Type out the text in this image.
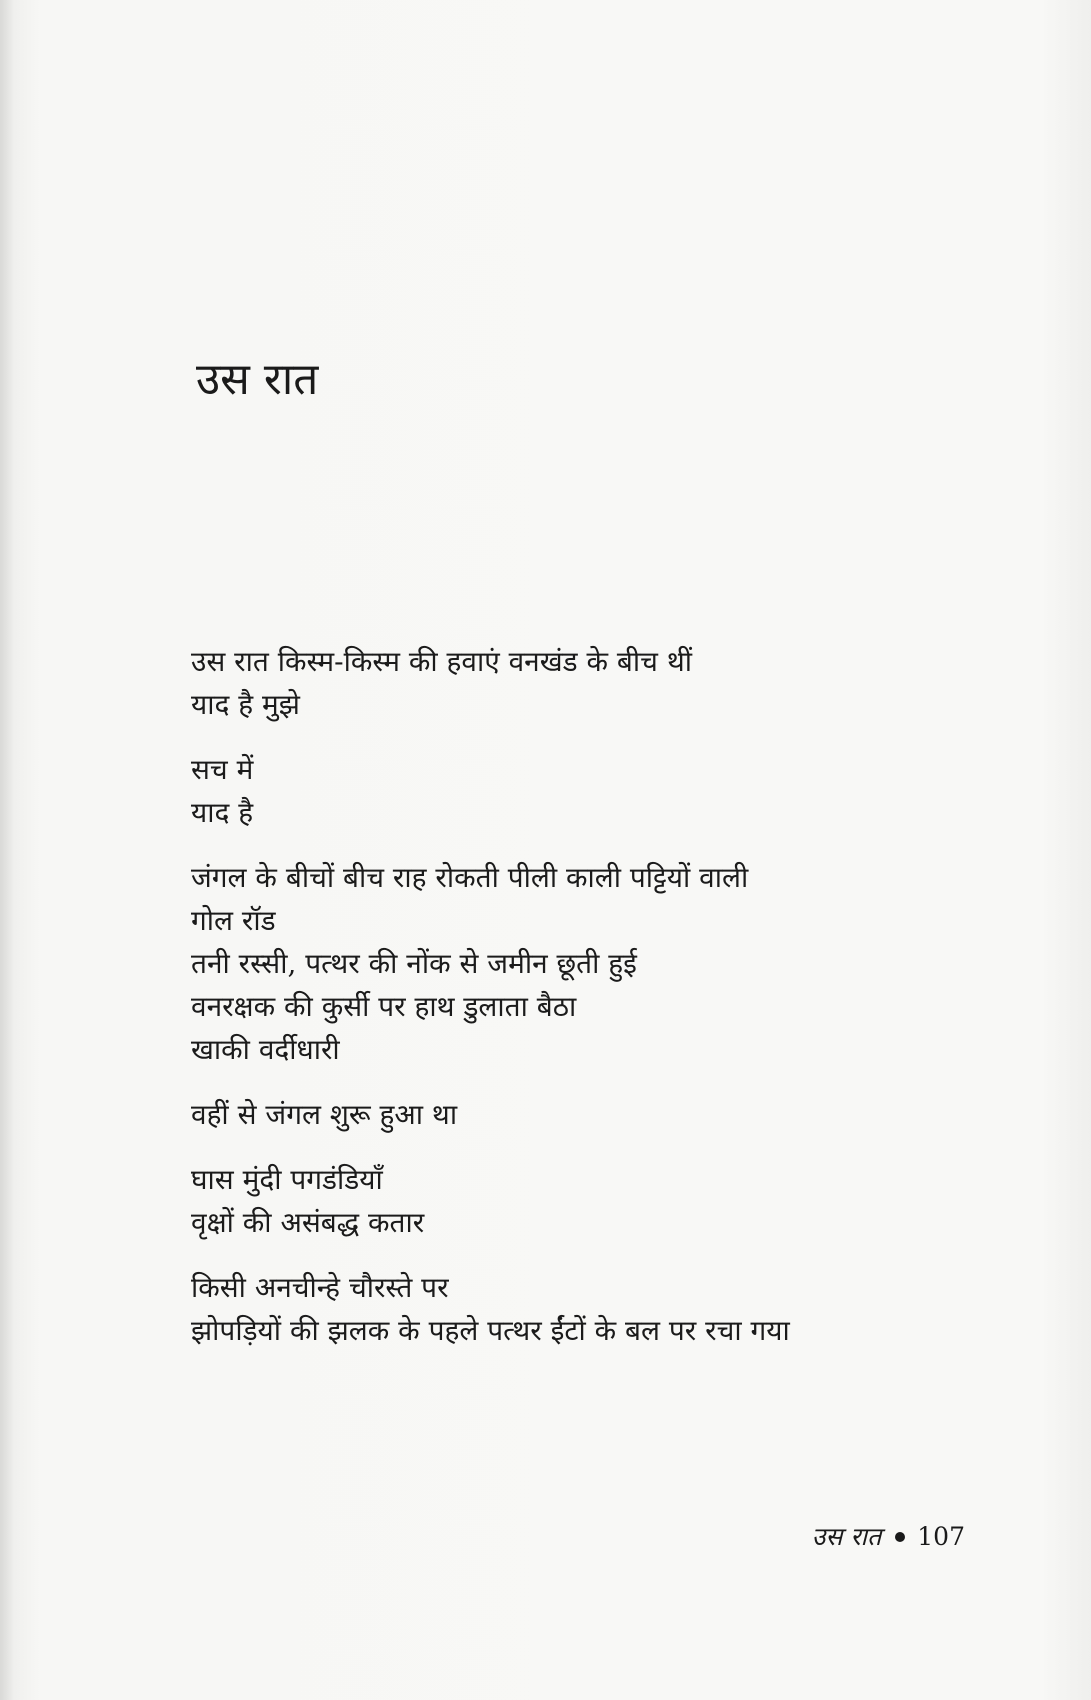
उस रात
उस रात किस्म-किस्म की हवाएं वनखंड के बीच थीं
याद है मुझे
सच में
याद है
जंगल के बीचों बीच राह रोकती पीली काली पट्टियों वाली
गोल रॉड
तनी रस्सी, पत्थर की नोंक से जमीन छूती हुई
वनरक्षक की कुर्सी पर हाथ डुलाता बैठा
खाकी वर्दीधारी
वहीं से जंगल शुरू हुआ था
घास मुंदी पगडंडियाँ
वृक्षों की असंबद्ध कतार
किसी अनचीन्हे चौरस्ते पर
झोपड़ियों की झलक के पहले पत्थर ईंटों के बल पर रचा गया
उस रात 107
